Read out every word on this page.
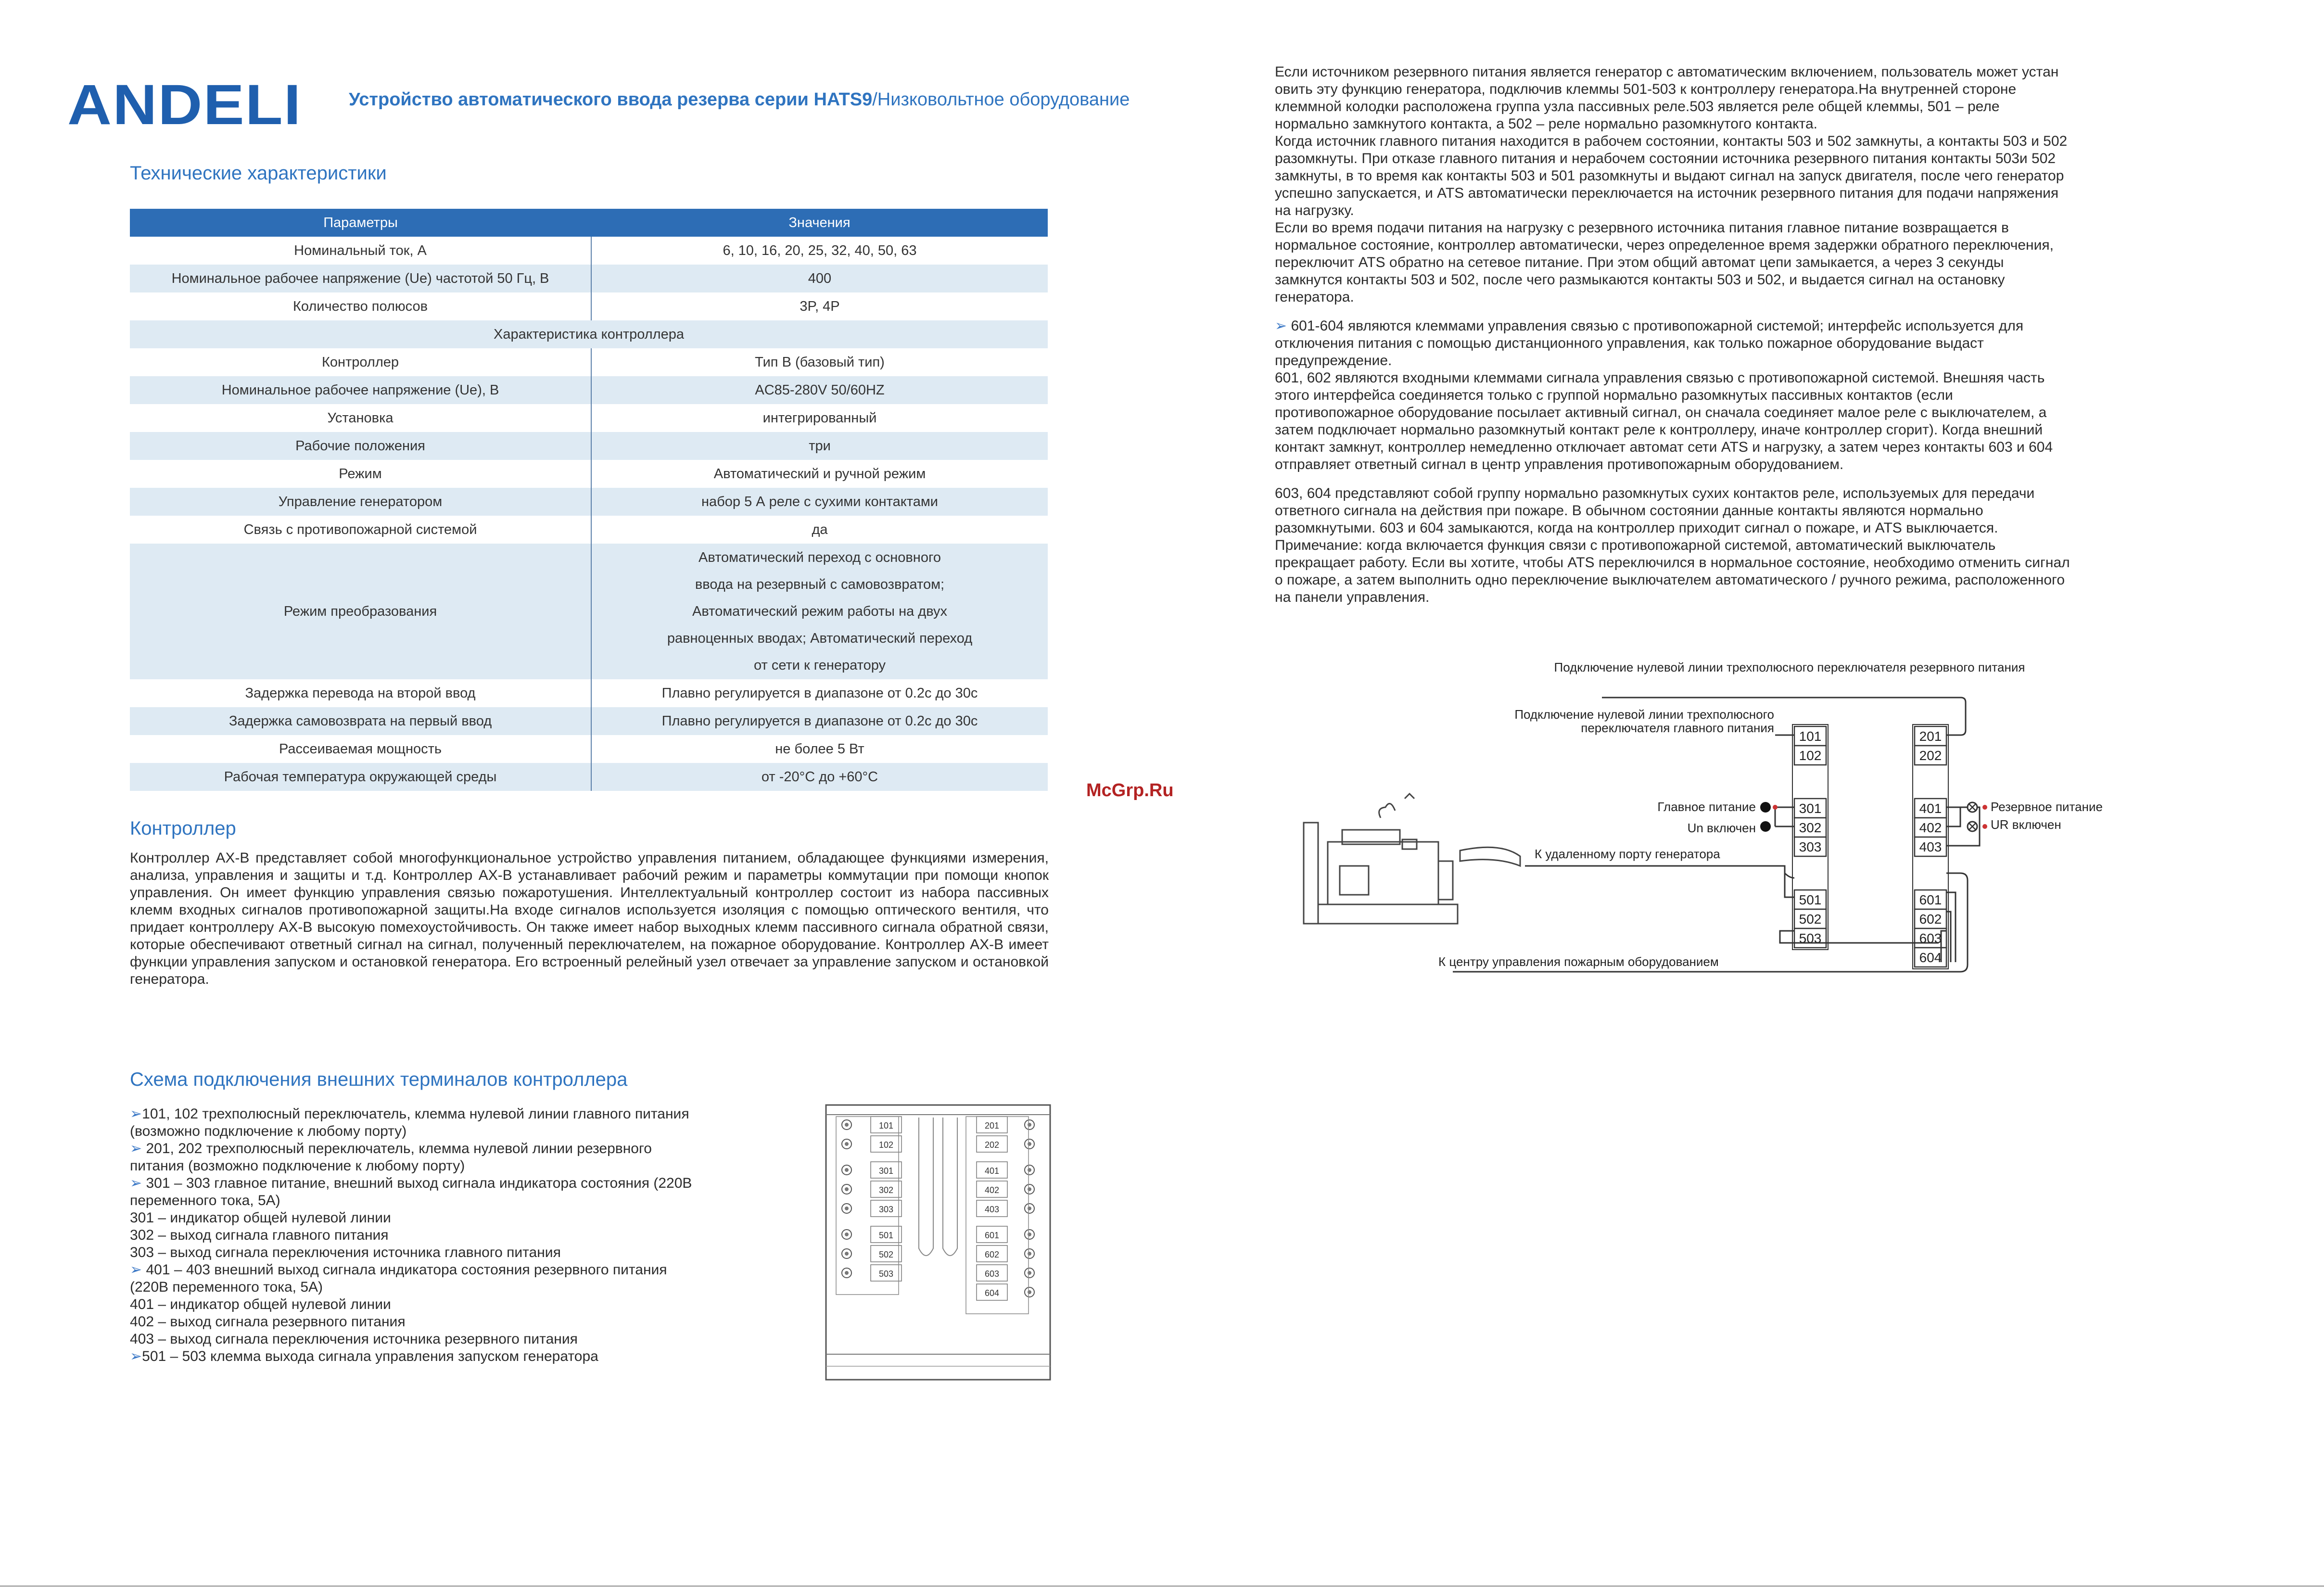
ANDELI	Устройство автоматического ввода резерва серии HATS9/Низковольтное оборудование
Технические характеристики
Параметры	Значения
Номинальный ток, А	6, 10, 16, 20, 25, 32, 40, 50, 63
Номинальное рабочее напряжение (Ue) частотой 50 Гц, В	400
Количество полюсов	3P, 4P
Характеристика контроллера	
Контроллер	Тип В (базовый тип)
Номинальное рабочее напряжение (Ue), В	AC85-280V 50/60HZ
Установка	интегрированный
Рабочие положения	три
Режим	Автоматический и ручной режим
Управление генератором	набор 5 А реле с сухими контактами
Связь с противопожарной системой	да
Режим преобразования	Автоматический переход с основного
ввода на резервный с самовозвратом;
Автоматический режим работы на двух
равноценных вводах; Автоматический переход
от сети к генератору

Задержка перевода на второй ввод	Плавно регулируется в диапазоне от 0.2с до 30с
Задержка самовозврата на первый ввод	Плавно регулируется в диапазоне от 0.2с до 30с
Рассеиваемая мощность	не более 5 Вт
Рабочая температура окружающей среды	от -20°C до +60°C
Контроллер
Контроллер AX-B представляет собой многофункциональное устройство управления питанием, обладающее функциями измерения, анализа, управления и защиты и т.д. Контроллер AX-B устанавливает рабочий режим и параметры коммутации при помощи кнопок управления. Он имеет функцию управления связью пожаротушения. Интеллектуальный контроллер состоит из набора пассивных клемм входных сигналов противопожарной защиты.На входе сигналов используется изоляция с помощью оптического вентиля, что придает контроллеру AX-B высокую помехоустойчивость. Он также имеет набор выходных клемм пассивного сигнала обратной связи, которые обеспечивают ответный сигнал на сигнал, полученный переключателем, на пожарное оборудование. Контроллер AX-B имеет функции управления запуском и остановкой генератора. Его встроенный релейный узел отвечает за управление запуском и остановкой генератора.
Схема подключения внешних терминалов контроллера
➢101, 102 трехполюсный переключатель, клемма нулевой линии главного питания
(возможно подключение к любому порту)
➢ 201, 202 трехполюсный переключатель, клемма нулевой линии резервного
питания (возможно подключение к любому порту)
➢ 301 – 303 главное питание, внешний выход сигнала индикатора состояния (220В
переменного тока, 5А)
301 – индикатор общей нулевой линии
302 – выход сигнала главного питания
303 – выход сигнала переключения источника главного питания
➢ 401 – 403 внешний выход сигнала индикатора состояния резервного питания
(220В переменного тока, 5А)
401 – индикатор общей нулевой линии
402 – выход сигнала резервного питания
403 – выход сигнала переключения источника резервного питания
➢501 – 503 клемма выхода сигнала управления запуском генератора
101
102
301
302
303
501
502
503
201
202
401
402
403
601
602
603
604
Если источником резервного питания является генератор с автоматическим включением, пользователь может устан
овить эту функцию генератора, подключив клеммы 501-503 к контроллеру генератора.На внутренней стороне
клеммной колодки расположена группа узла пассивных реле.503 является реле общей клеммы, 501 – реле
нормально замкнутого контакта, а 502 – реле нормально разомкнутого контакта.
Когда источник главного питания находится в рабочем состоянии, контакты 503 и 502 замкнуты, а контакты 503 и 502
разомкнуты. При отказе главного питания и нерабочем состоянии источника резервного питания контакты 503и 502
замкнуты, в то время как контакты 503 и 501 разомкнуты и выдают сигнал на запуск двигателя, после чего генератор
успешно запускается, и ATS автоматически переключается на источник резервного питания для подачи напряжения
на нагрузку.
Если во время подачи питания на нагрузку с резервного источника питания главное питание возвращается в
нормальное состояние, контроллер автоматически, через определенное время задержки обратного переключения,
переключит ATS обратно на сетевое питание. При этом общий автомат цепи замыкается, а через 3 секунды
замкнутся контакты 503 и 502, после чего размыкаются контакты 503 и 502, и выдается сигнал на остановку
генератора.
➢ 601-604 являются клеммами управления связью с противопожарной системой; интерфейс используется для
отключения питания с помощью дистанционного управления, как только пожарное оборудование выдаст
предупреждение.
601, 602 являются входными клеммами сигнала управления связью с противопожарной системой. Внешняя часть
этого интерфейса соединяется только с группой нормально разомкнутых пассивных контактов (если
противопожарное оборудование посылает активный сигнал, он сначала соединяет малое реле с выключателем, а
затем подключает нормально разомкнутый контакт реле к контроллеру, иначе контроллер сгорит). Когда внешний
контакт замкнут, контроллер немедленно отключает автомат сети ATS и нагрузку, а затем через контакты 603 и 604
отправляет ответный сигнал в центр управления противопожарным оборудованием.
603, 604 представляют собой группу нормально разомкнутых сухих контактов реле, используемых для передачи
ответного сигнала на действия при пожаре. В обычном состоянии данные контакты являются нормально
разомкнутыми. 603 и 604 замыкаются, когда на контроллер приходит сигнал о пожаре, и ATS выключается.
Примечание: когда включается функция связи с противопожарной системой, автоматический выключатель
прекращает работу. Если вы хотите, чтобы ATS переключился в нормальное состояние, необходимо отменить сигнал
о пожаре, а затем выполнить одно переключение выключателем автоматического / ручного режима, расположенного
на панели управления.
McGrp.Ru
Подключение нулевой линии трехполюсного переключателя резервного питания
Подключение нулевой линии трехполюсного
переключателя главного питания
101
102
301
302
303
501
502
503
201
202
401
402
403
601
602
603
604
Главное питание
Un включен
Резервное питание
UR включен
К удаленному порту генератора
К центру управления пожарным оборудованием
